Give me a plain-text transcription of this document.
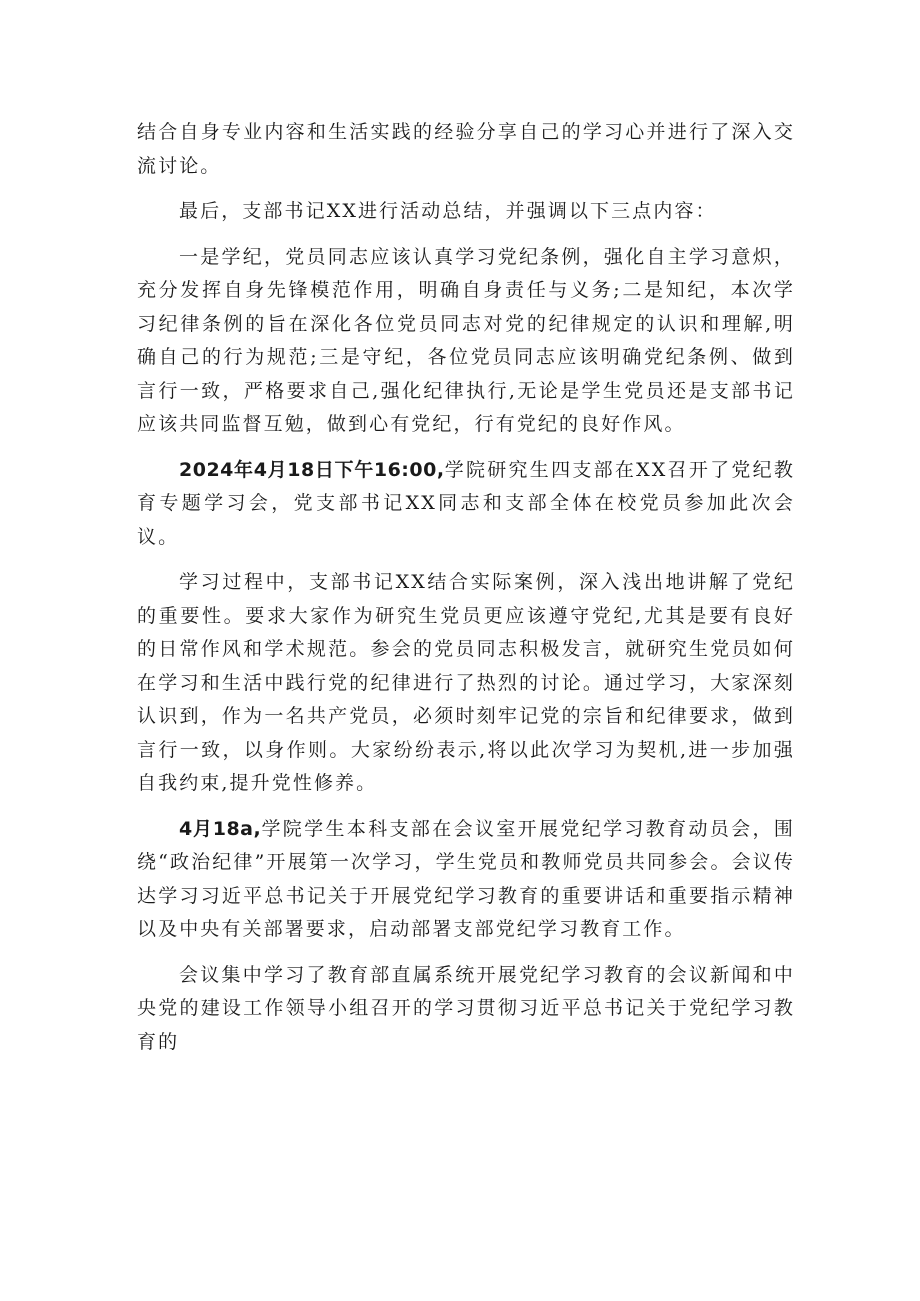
结合自身专业内容和生活实践的经验分享自己的学习心并进行了深入交流讨论。

最后，支部书记XX进行活动总结，并强调以下三点内容：

一是学纪，党员同志应该认真学习党纪条例，强化自主学习意炽，充分发挥自身先锋模范作用，明确自身责任与义务;二是知纪，本次学习纪律条例的旨在深化各位党员同志对党的纪律规定的认识和理解,明确自己的行为规范;三是守纪，各位党员同志应该明确党纪条例、做到言行一致，严格要求自己,强化纪律执行,无论是学生党员还是支部书记应该共同监督互勉，做到心有党纪，行有党纪的良好作风。

2024年4月18日下午16:00,学院研究生四支部在XX召开了党纪教育专题学习会，党支部书记XX同志和支部全体在校党员参加此次会议。

学习过程中，支部书记XX结合实际案例，深入浅出地讲解了党纪的重要性。要求大家作为研究生党员更应该遵守党纪,尤其是要有良好的日常作风和学术规范。参会的党员同志积极发言，就研究生党员如何在学习和生活中践行党的纪律进行了热烈的讨论。通过学习，大家深刻认识到，作为一名共产党员，必须时刻牢记党的宗旨和纪律要求，做到言行一致，以身作则。大家纷纷表示,将以此次学习为契机,进一步加强自我约束,提升党性修养。

4月18a,学院学生本科支部在会议室开展党纪学习教育动员会，围绕“政治纪律”开展第一次学习，学生党员和教师党员共同参会。会议传达学习习近平总书记关于开展党纪学习教育的重要讲话和重要指示精神以及中央有关部署要求，启动部署支部党纪学习教育工作。

会议集中学习了教育部直属系统开展党纪学习教育的会议新闻和中央党的建设工作领导小组召开的学习贯彻习近平总书记关于党纪学习教育的
